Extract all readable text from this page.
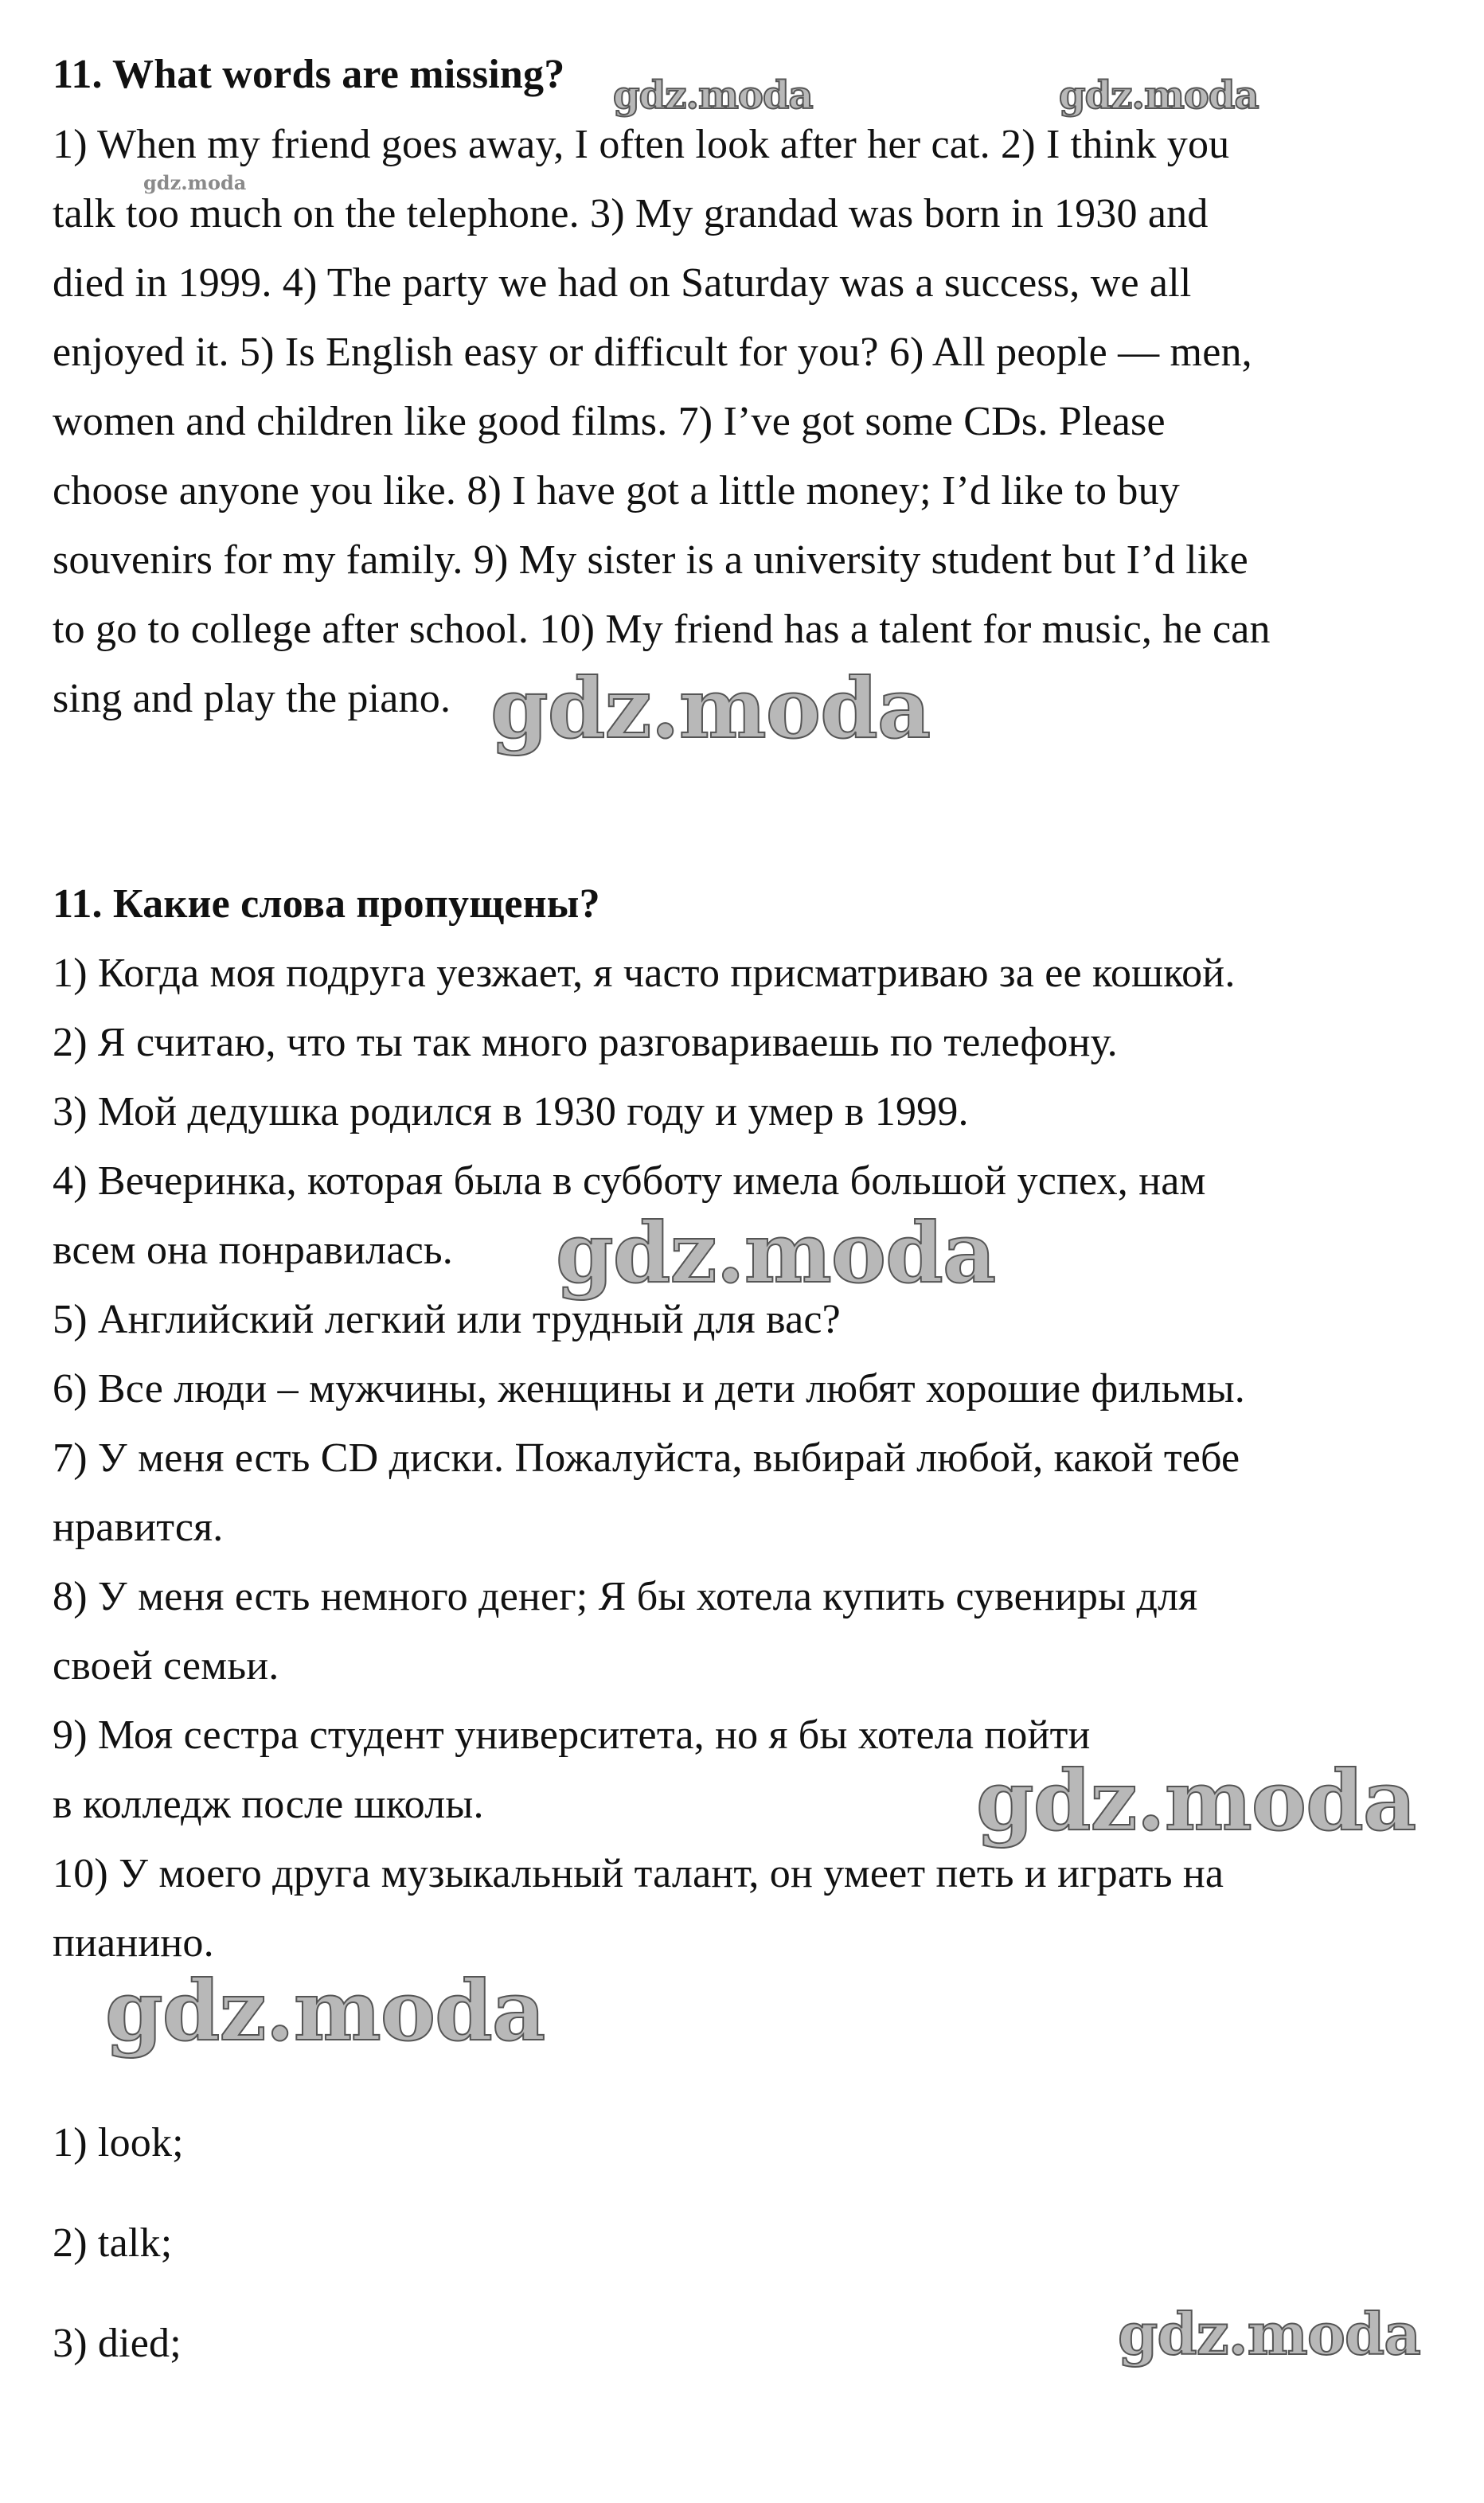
11. What words are missing?
1) When my friend goes away, I often look after her cat. 2) I think you
talk too much on the telephone. 3) My grandad was born in 1930 and
died in 1999. 4) The party we had on Saturday was a success, we all
enjoyed it. 5) Is English easy or difficult for you? 6) All people — men,
women and children like good films. 7) I’ve got some CDs. Please
choose anyone you like. 8) I have got a little money; I’d like to buy
souvenirs for my family. 9) My sister is a university student but I’d like
to go to college after school. 10) My friend has a talent for music, he can
sing and play the piano.
11. Какие слова пропущены?
1) Когда моя подруга уезжает, я часто присматриваю за ее кошкой.
2) Я считаю, что ты так много разговариваешь по телефону.
3) Мой дедушка родился в 1930 году и умер в 1999.
4) Вечеринка, которая была в субботу имела большой успех, нам
всем она понравилась.
5) Английский легкий или трудный для вас?
6) Все люди – мужчины, женщины и дети любят хорошие фильмы.
7) У меня есть CD диски. Пожалуйста, выбирай любой, какой тебе
нравится.
8) У меня есть немного денег; Я бы хотела купить сувениры для
своей семьи.
9) Моя сестра студент университета, но я бы хотела пойти
в колледж после школы.
10) У моего друга музыкальный талант, он умеет петь и играть на
пианино.
1) look;
2) talk;
3) died;
gdz.moda	gdz.moda
gdz.moda
gdz.moda
gdz.moda
gdz.moda
gdz.moda
gdz.moda
